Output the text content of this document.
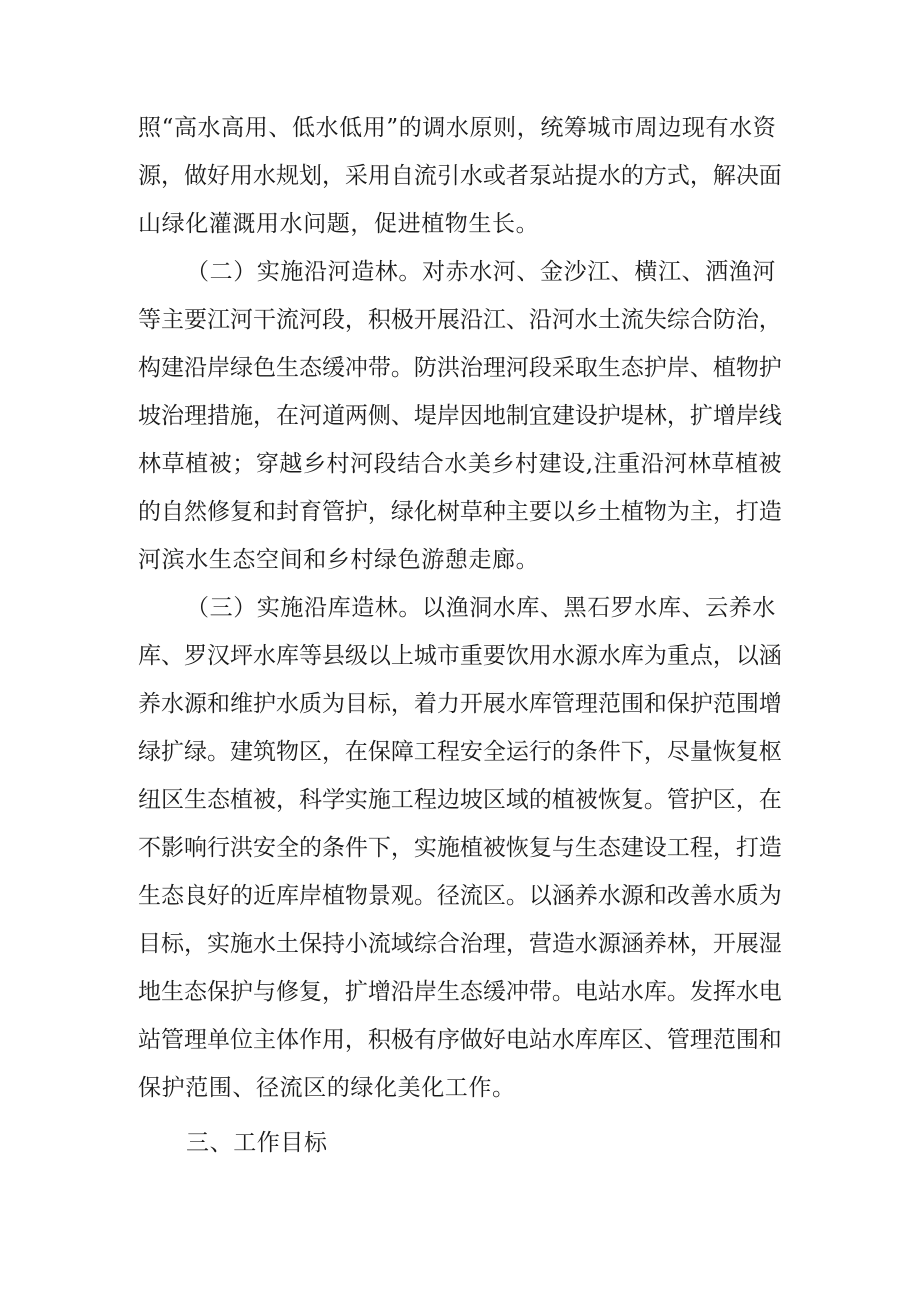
照“高水高用、低水低用”的调水原则，统筹城市周边现有水资
源，做好用水规划，采用自流引水或者泵站提水的方式，解决面
山绿化灌溉用水问题，促进植物生长。
（二）实施沿河造林。对赤水河、金沙江、横江、洒渔河
等主要江河干流河段，积极开展沿江、沿河水土流失综合防治，
构建沿岸绿色生态缓冲带。防洪治理河段采取生态护岸、植物护
坡治理措施，在河道两侧、堤岸因地制宜建设护堤林，扩增岸线
林草植被；穿越乡村河段结合水美乡村建设,注重沿河林草植被
的自然修复和封育管护，绿化树草种主要以乡土植物为主，打造
河滨水生态空间和乡村绿色游憩走廊。
（三）实施沿库造林。以渔洞水库、黑石罗水库、云养水
库、罗汉坪水库等县级以上城市重要饮用水源水库为重点，以涵
养水源和维护水质为目标，着力开展水库管理范围和保护范围增
绿扩绿。建筑物区，在保障工程安全运行的条件下，尽量恢复枢
纽区生态植被，科学实施工程边坡区域的植被恢复。管护区，在
不影响行洪安全的条件下，实施植被恢复与生态建设工程，打造
生态良好的近库岸植物景观。径流区。以涵养水源和改善水质为
目标，实施水土保持小流域综合治理，营造水源涵养林，开展湿
地生态保护与修复，扩增沿岸生态缓冲带。电站水库。发挥水电
站管理单位主体作用，积极有序做好电站水库库区、管理范围和
保护范围、径流区的绿化美化工作。
三、工作目标
